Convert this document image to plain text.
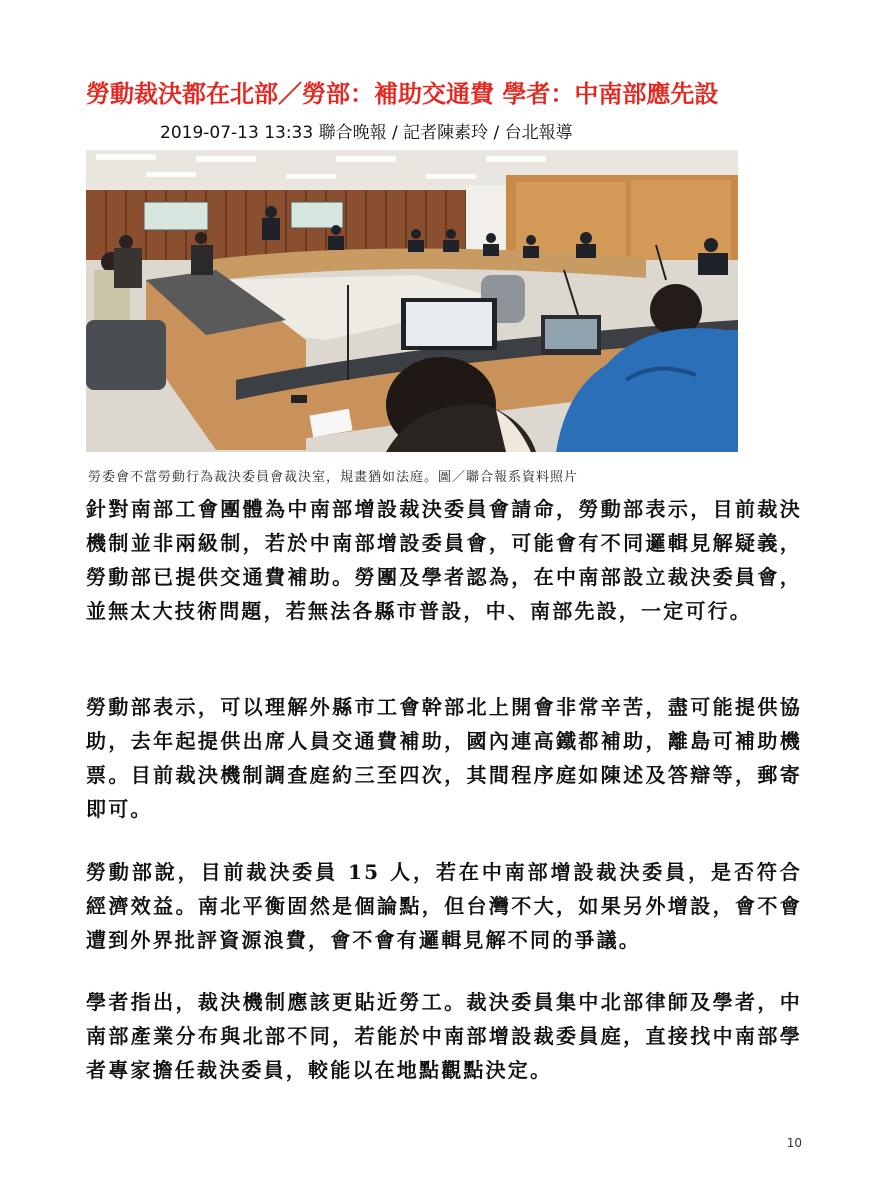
勞動裁決都在北部／勞部：補助交通費 學者：中南部應先設
2019-07-13 13:33 聯合晚報 / 記者陳素玲 / 台北報導
勞委會不當勞動行為裁決委員會裁決室，規畫猶如法庭。圖／聯合報系資料照片
針對南部工會團體為中南部增設裁決委員會請命，勞動部表示，目前裁決機制並非兩級制，若於中南部增設委員會，可能會有不同邏輯見解疑義，勞動部已提供交通費補助。勞團及學者認為，在中南部設立裁決委員會，並無太大技術問題，若無法各縣市普設，中、南部先設，一定可行。
勞動部表示，可以理解外縣市工會幹部北上開會非常辛苦，盡可能提供協助，去年起提供出席人員交通費補助，國內連高鐵都補助，離島可補助機票。目前裁決機制調查庭約三至四次，其間程序庭如陳述及答辯等，郵寄即可。
勞動部說，目前裁決委員 15 人，若在中南部增設裁決委員，是否符合經濟效益。南北平衡固然是個論點，但台灣不大，如果另外增設，會不會遭到外界批評資源浪費，會不會有邏輯見解不同的爭議。
學者指出，裁決機制應該更貼近勞工。裁決委員集中北部律師及學者，中南部產業分布與北部不同，若能於中南部增設裁委員庭，直接找中南部學者專家擔任裁決委員，較能以在地點觀點決定。
10
